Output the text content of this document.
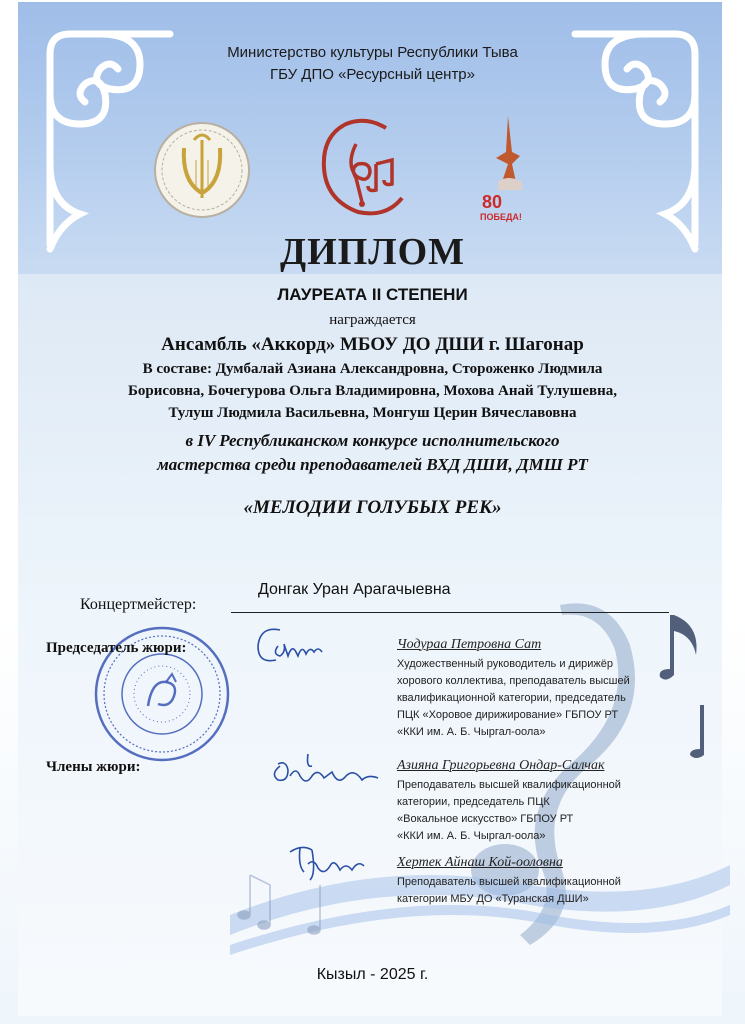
Министерство культуры Республики Тыва
ГБУ ДПО «Ресурсный центр»
80
ПОБЕДА!
ДИПЛОМ
ЛАУРЕАТА II СТЕПЕНИ
награждается
Ансамбль «Аккорд» МБОУ ДО ДШИ г. Шагонар
В составе: Думбалай Азиана Александровна, Стороженко Людмила
Борисовна, Бочегурова Ольга Владимировна, Мохова Анай Тулушевна,
Тулуш Людмила Васильевна, Монгуш Церин Вячеславовна
в IV Республиканском конкурсе исполнительского
мастерства среди преподавателей ВХД ДШИ, ДМШ РТ
«МЕЛОДИИ ГОЛУБЫХ РЕК»
Концертмейстер:
Донгак Уран Арагачыевна
Председатель жюри:
Члены жюри:
Чодураа Петровна Сат
Художественный руководитель и дирижёр
хорового коллектива, преподаватель высшей
квалификационной категории, председатель
ПЦК «Хоровое дирижирование» ГБПОУ РТ
«ККИ им. А. Б. Чыргал-оола»
Азияна Григорьевна Ондар-Салчак
Преподаватель высшей квалификационной
категории, председатель ПЦК
«Вокальное искусство» ГБПОУ РТ
«ККИ им. А. Б. Чыргал-оола»
Хертек Айнаш Кой-ооловна
Преподаватель высшей квалификационной
категории МБУ ДО «Туранская ДШИ»
Кызыл - 2025 г.
